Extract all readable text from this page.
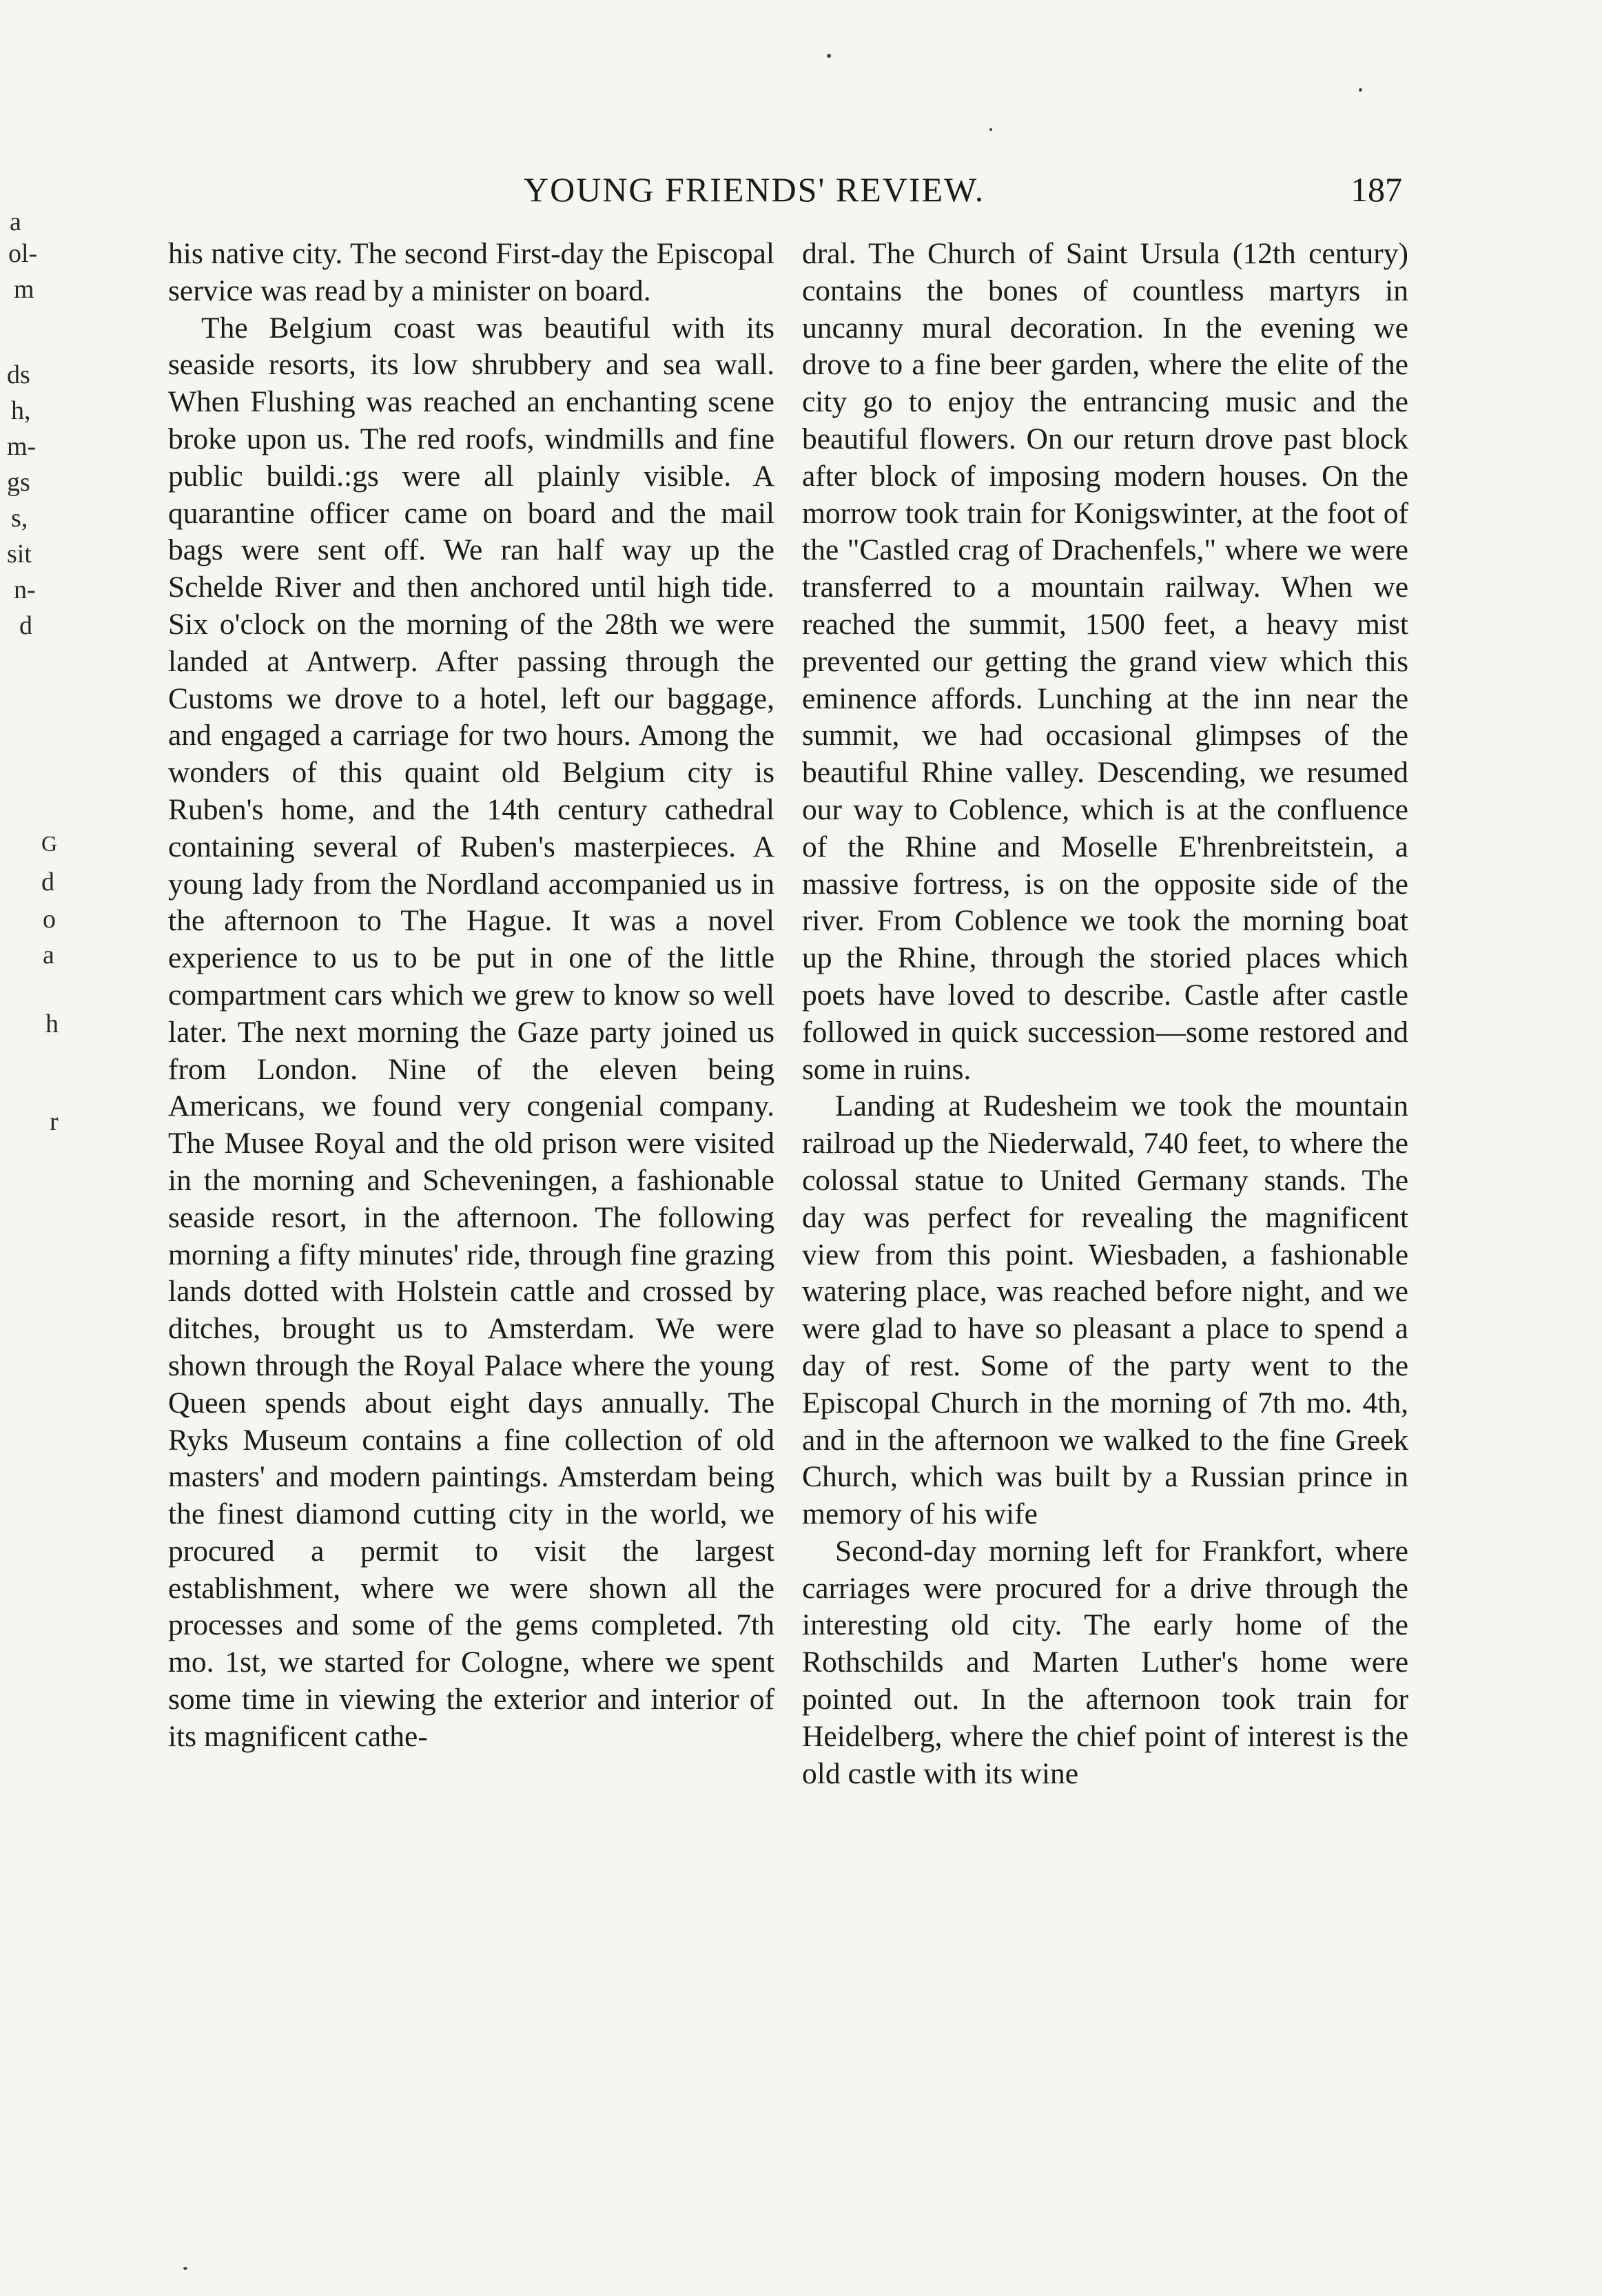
YOUNG FRIENDS' REVIEW.	187
a
ol-
m
ds
h,
m-
gs
s,
sit
n-
d
G
d
o
a
h
r

his native city. The second First-day the Episcopal service was read by a minister on board.

The Belgium coast was beautiful with its seaside resorts, its low shrubbery and sea wall. When Flushing was reached an enchanting scene broke upon us. The red roofs, windmills and fine public buildi.:gs were all plainly visible. A quarantine officer came on board and the mail bags were sent off. We ran half way up the Schelde River and then anchored until high tide. Six o'clock on the morning of the 28th we were landed at Antwerp. After passing through the Customs we drove to a hotel, left our baggage, and engaged a carriage for two hours. Among the wonders of this quaint old Belgium city is Ruben's home, and the 14th century cathedral containing several of Ruben's masterpieces. A young lady from the Nordland accompanied us in the afternoon to The Hague. It was a novel experience to us to be put in one of the little compartment cars which we grew to know so well later. The next morning the Gaze party joined us from London. Nine of the eleven being Americans, we found very congenial company. The Musee Royal and the old prison were visited in the morning and Scheveningen, a fashionable seaside resort, in the afternoon. The following morning a fifty minutes' ride, through fine grazing lands dotted with Holstein cattle and crossed by ditches, brought us to Amsterdam. We were shown through the Royal Palace where the young Queen spends about eight days annually. The Ryks Museum contains a fine collection of old masters' and modern paintings. Amsterdam being the finest diamond cutting city in the world, we procured a permit to visit the largest establishment, where we were shown all the processes and some of the gems completed. 7th mo. 1st, we started for Cologne, where we spent some time in viewing the exterior and interior of its magnificent cathe-

dral. The Church of Saint Ursula (12th century) contains the bones of countless martyrs in uncanny mural decoration. In the evening we drove to a fine beer garden, where the elite of the city go to enjoy the entrancing music and the beautiful flowers. On our return drove past block after block of imposing modern houses. On the morrow took train for Konigswinter, at the foot of the "Castled crag of Drachenfels," where we were transferred to a mountain railway. When we reached the summit, 1500 feet, a heavy mist prevented our getting the grand view which this eminence affords. Lunching at the inn near the summit, we had occasional glimpses of the beautiful Rhine valley. Descending, we resumed our way to Coblence, which is at the confluence of the Rhine and Moselle E'hrenbreitstein, a massive fortress, is on the opposite side of the river. From Coblence we took the morning boat up the Rhine, through the storied places which poets have loved to describe. Castle after castle followed in quick succession—some restored and some in ruins.

Landing at Rudesheim we took the mountain railroad up the Niederwald, 740 feet, to where the colossal statue to United Germany stands. The day was perfect for revealing the magnificent view from this point. Wiesbaden, a fashionable watering place, was reached before night, and we were glad to have so pleasant a place to spend a day of rest. Some of the party went to the Episcopal Church in the morning of 7th mo. 4th, and in the afternoon we walked to the fine Greek Church, which was built by a Russian prince in memory of his wife

Second-day morning left for Frankfort, where carriages were procured for a drive through the interesting old city. The early home of the Rothschilds and Marten Luther's home were pointed out. In the afternoon took train for Heidelberg, where the chief point of interest is the old castle with its wine
